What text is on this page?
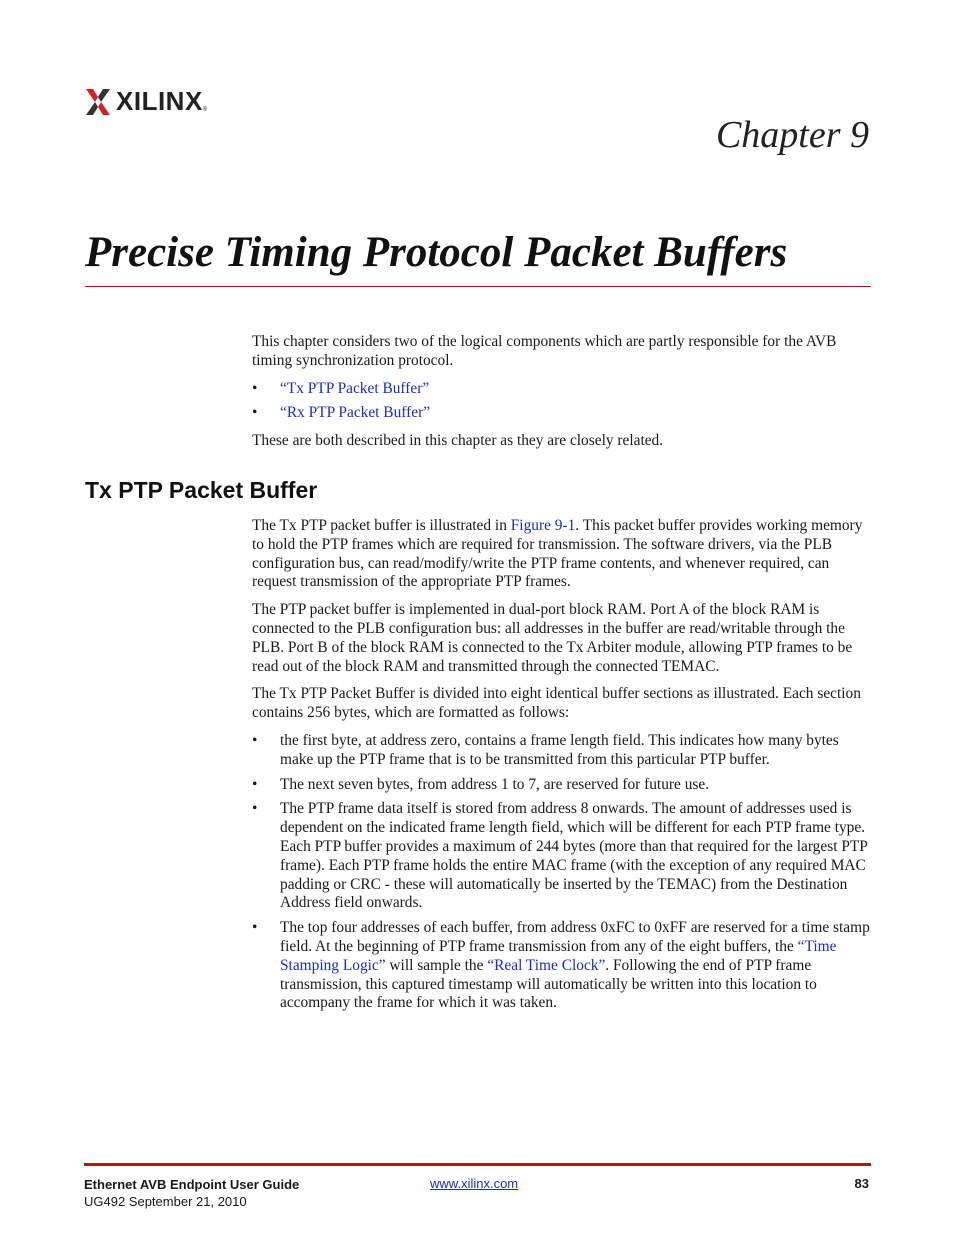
XILINX ®
Chapter 9
Precise Timing Protocol Packet Buffers

This chapter considers two of the logical components which are partly responsible for the AVB timing synchronization protocol.

• “Tx PTP Packet Buffer”
• “Rx PTP Packet Buffer”

These are both described in this chapter as they are closely related.

Tx PTP Packet Buffer

The Tx PTP packet buffer is illustrated in Figure 9-1. This packet buffer provides working memory to hold the PTP frames which are required for transmission. The software drivers, via the PLB configuration bus, can read/modify/write the PTP frame contents, and whenever required, can request transmission of the appropriate PTP frames.

The PTP packet buffer is implemented in dual-port block RAM. Port A of the block RAM is connected to the PLB configuration bus: all addresses in the buffer are read/writable through the PLB. Port B of the block RAM is connected to the Tx Arbiter module, allowing PTP frames to be read out of the block RAM and transmitted through the connected TEMAC.

The Tx PTP Packet Buffer is divided into eight identical buffer sections as illustrated. Each section contains 256 bytes, which are formatted as follows:

• the first byte, at address zero, contains a frame length field. This indicates how many bytes make up the PTP frame that is to be transmitted from this particular PTP buffer.
• The next seven bytes, from address 1 to 7, are reserved for future use.
• The PTP frame data itself is stored from address 8 onwards. The amount of addresses used is dependent on the indicated frame length field, which will be different for each PTP frame type. Each PTP buffer provides a maximum of 244 bytes (more than that required for the largest PTP frame). Each PTP frame holds the entire MAC frame (with the exception of any required MAC padding or CRC - these will automatically be inserted by the TEMAC) from the Destination Address field onwards.
• The top four addresses of each buffer, from address 0xFC to 0xFF are reserved for a time stamp field. At the beginning of PTP frame transmission from any of the eight buffers, the “Time Stamping Logic” will sample the “Real Time Clock”. Following the end of PTP frame transmission, this captured timestamp will automatically be written into this location to accompany the frame for which it was taken.
Ethernet AVB Endpoint User Guide
UG492 September 21, 2010
www.xilinx.com	83
